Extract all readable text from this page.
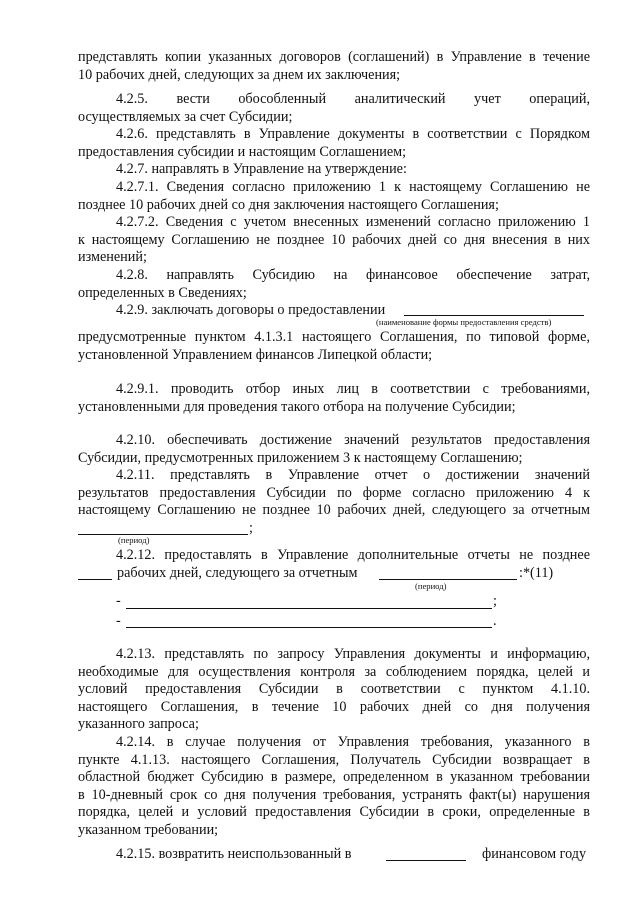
представлять копии указанных договоров (соглашений) в Управление в течение
10 рабочих дней, следующих за днем их заключения;
4.2.5. вести обособленный аналитический учет операций,
осуществляемых за счет Субсидии;
4.2.6. представлять в Управление документы в соответствии с Порядком
предоставления субсидии и настоящим Соглашением;
4.2.7. направлять в Управление на утверждение:
4.2.7.1. Сведения согласно приложению 1 к настоящему Соглашению не
позднее 10 рабочих дней со дня заключения настоящего Соглашения;
4.2.7.2. Сведения с учетом внесенных изменений согласно приложению 1
к настоящему Соглашению не позднее 10 рабочих дней со дня внесения в них
изменений;
4.2.8. направлять Субсидию на финансовое обеспечение затрат,
определенных в Сведениях;
4.2.9. заключать договоры о предоставлении
(наименование формы предоставления средств)
предусмотренные пунктом 4.1.3.1 настоящего Соглашения, по типовой форме,
установленной Управлением финансов Липецкой области;
4.2.9.1. проводить отбор иных лиц в соответствии с требованиями,
установленными для проведения такого отбора на получение Субсидии;
4.2.10. обеспечивать достижение значений результатов предоставления
Субсидии, предусмотренных приложением 3 к настоящему Соглашению;
4.2.11. представлять в Управление отчет о достижении значений
результатов предоставления Субсидии по форме согласно приложению 4 к
настоящему Соглашению не позднее 10 рабочих дней, следующего за отчетным
;
(период)
4.2.12. предоставлять в Управление дополнительные отчеты не позднее
рабочих дней, следующего за отчетным	:*(11)
(период)
-	;
-	.
4.2.13. представлять по запросу Управления документы и информацию,
необходимые для осуществления контроля за соблюдением порядка, целей и
условий предоставления Субсидии в соответствии с пунктом 4.1.10.
настоящего Соглашения, в течение 10 рабочих дней со дня получения
указанного запроса;
4.2.14. в случае получения от Управления требования, указанного в
пункте 4.1.13. настоящего Соглашения, Получатель Субсидии возвращает в
областной бюджет Субсидию в размере, определенном в указанном требовании
в 10-дневный срок со дня получения требования, устранять факт(ы) нарушения
порядка, целей и условий предоставления Субсидии в сроки, определенные в
указанном требовании;
4.2.15. возвратить неиспользованный в	финансовом году
